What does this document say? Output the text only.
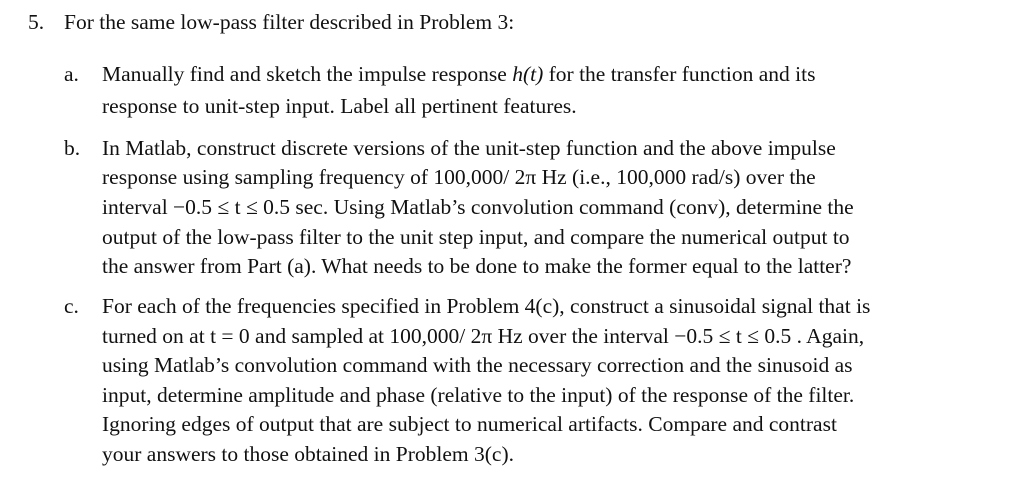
5. For the same low-pass filter described in Problem 3:
a. Manually find and sketch the impulse response h(t) for the transfer function and its
response to unit-step input. Label all pertinent features.
b. In Matlab, construct discrete versions of the unit-step function and the above impulse
response using sampling frequency of 100,000/ 2π Hz (i.e., 100,000 rad/s) over the
interval −0.5 ≤ t ≤ 0.5 sec. Using Matlab’s convolution command (conv), determine the
output of the low-pass filter to the unit step input, and compare the numerical output to
the answer from Part (a). What needs to be done to make the former equal to the latter?
c. For each of the frequencies specified in Problem 4(c), construct a sinusoidal signal that is
turned on at t = 0 and sampled at 100,000/ 2π Hz over the interval −0.5 ≤ t ≤ 0.5 . Again,
using Matlab’s convolution command with the necessary correction and the sinusoid as
input, determine amplitude and phase (relative to the input) of the response of the filter.
Ignoring edges of output that are subject to numerical artifacts. Compare and contrast
your answers to those obtained in Problem 3(c).
